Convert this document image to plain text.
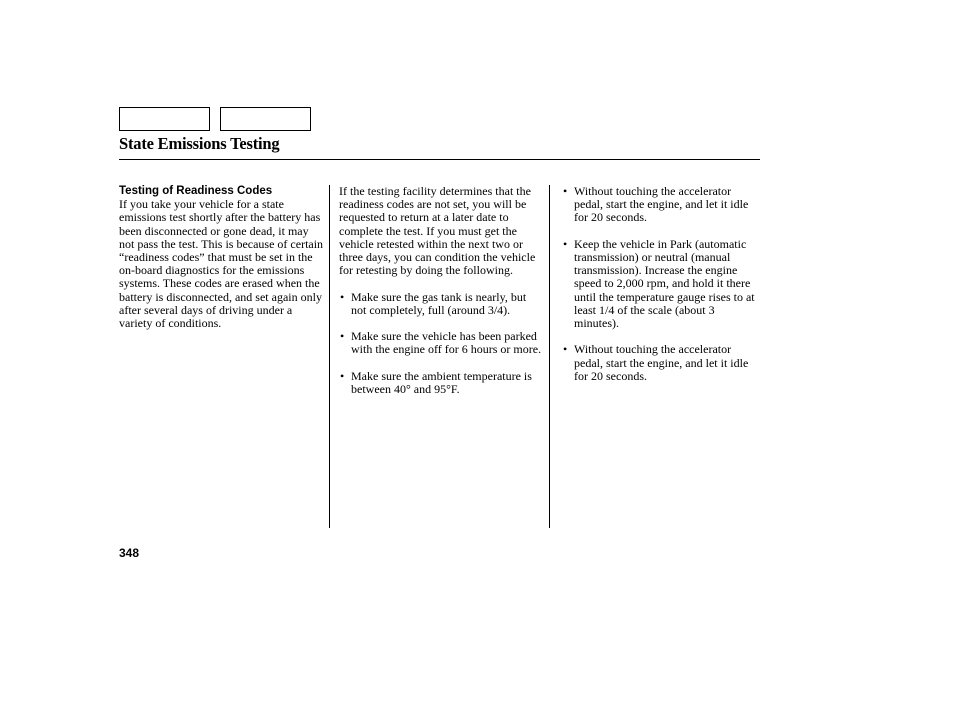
State Emissions Testing
Testing of Readiness Codes
If you take your vehicle for a state emissions test shortly after the battery has been disconnected or gone dead, it may not pass the test. This is because of certain “readiness codes” that must be set in the on-board diagnostics for the emissions systems. These codes are erased when the battery is disconnected, and set again only after several days of driving under a variety of conditions.
If the testing facility determines that the readiness codes are not set, you will be requested to return at a later date to complete the test. If you must get the vehicle retested within the next two or three days, you can condition the vehicle for retesting by doing the following.
• Make sure the gas tank is nearly, but not completely, full (around 3/4).
• Make sure the vehicle has been parked with the engine off for 6 hours or more.
• Make sure the ambient temperature is between 40° and 95°F.
• Without touching the accelerator pedal, start the engine, and let it idle for 20 seconds.
• Keep the vehicle in Park (automatic transmission) or neutral (manual transmission). Increase the engine speed to 2,000 rpm, and hold it there until the temperature gauge rises to at least 1/4 of the scale (about 3 minutes).
• Without touching the accelerator pedal, start the engine, and let it idle for 20 seconds.
348
